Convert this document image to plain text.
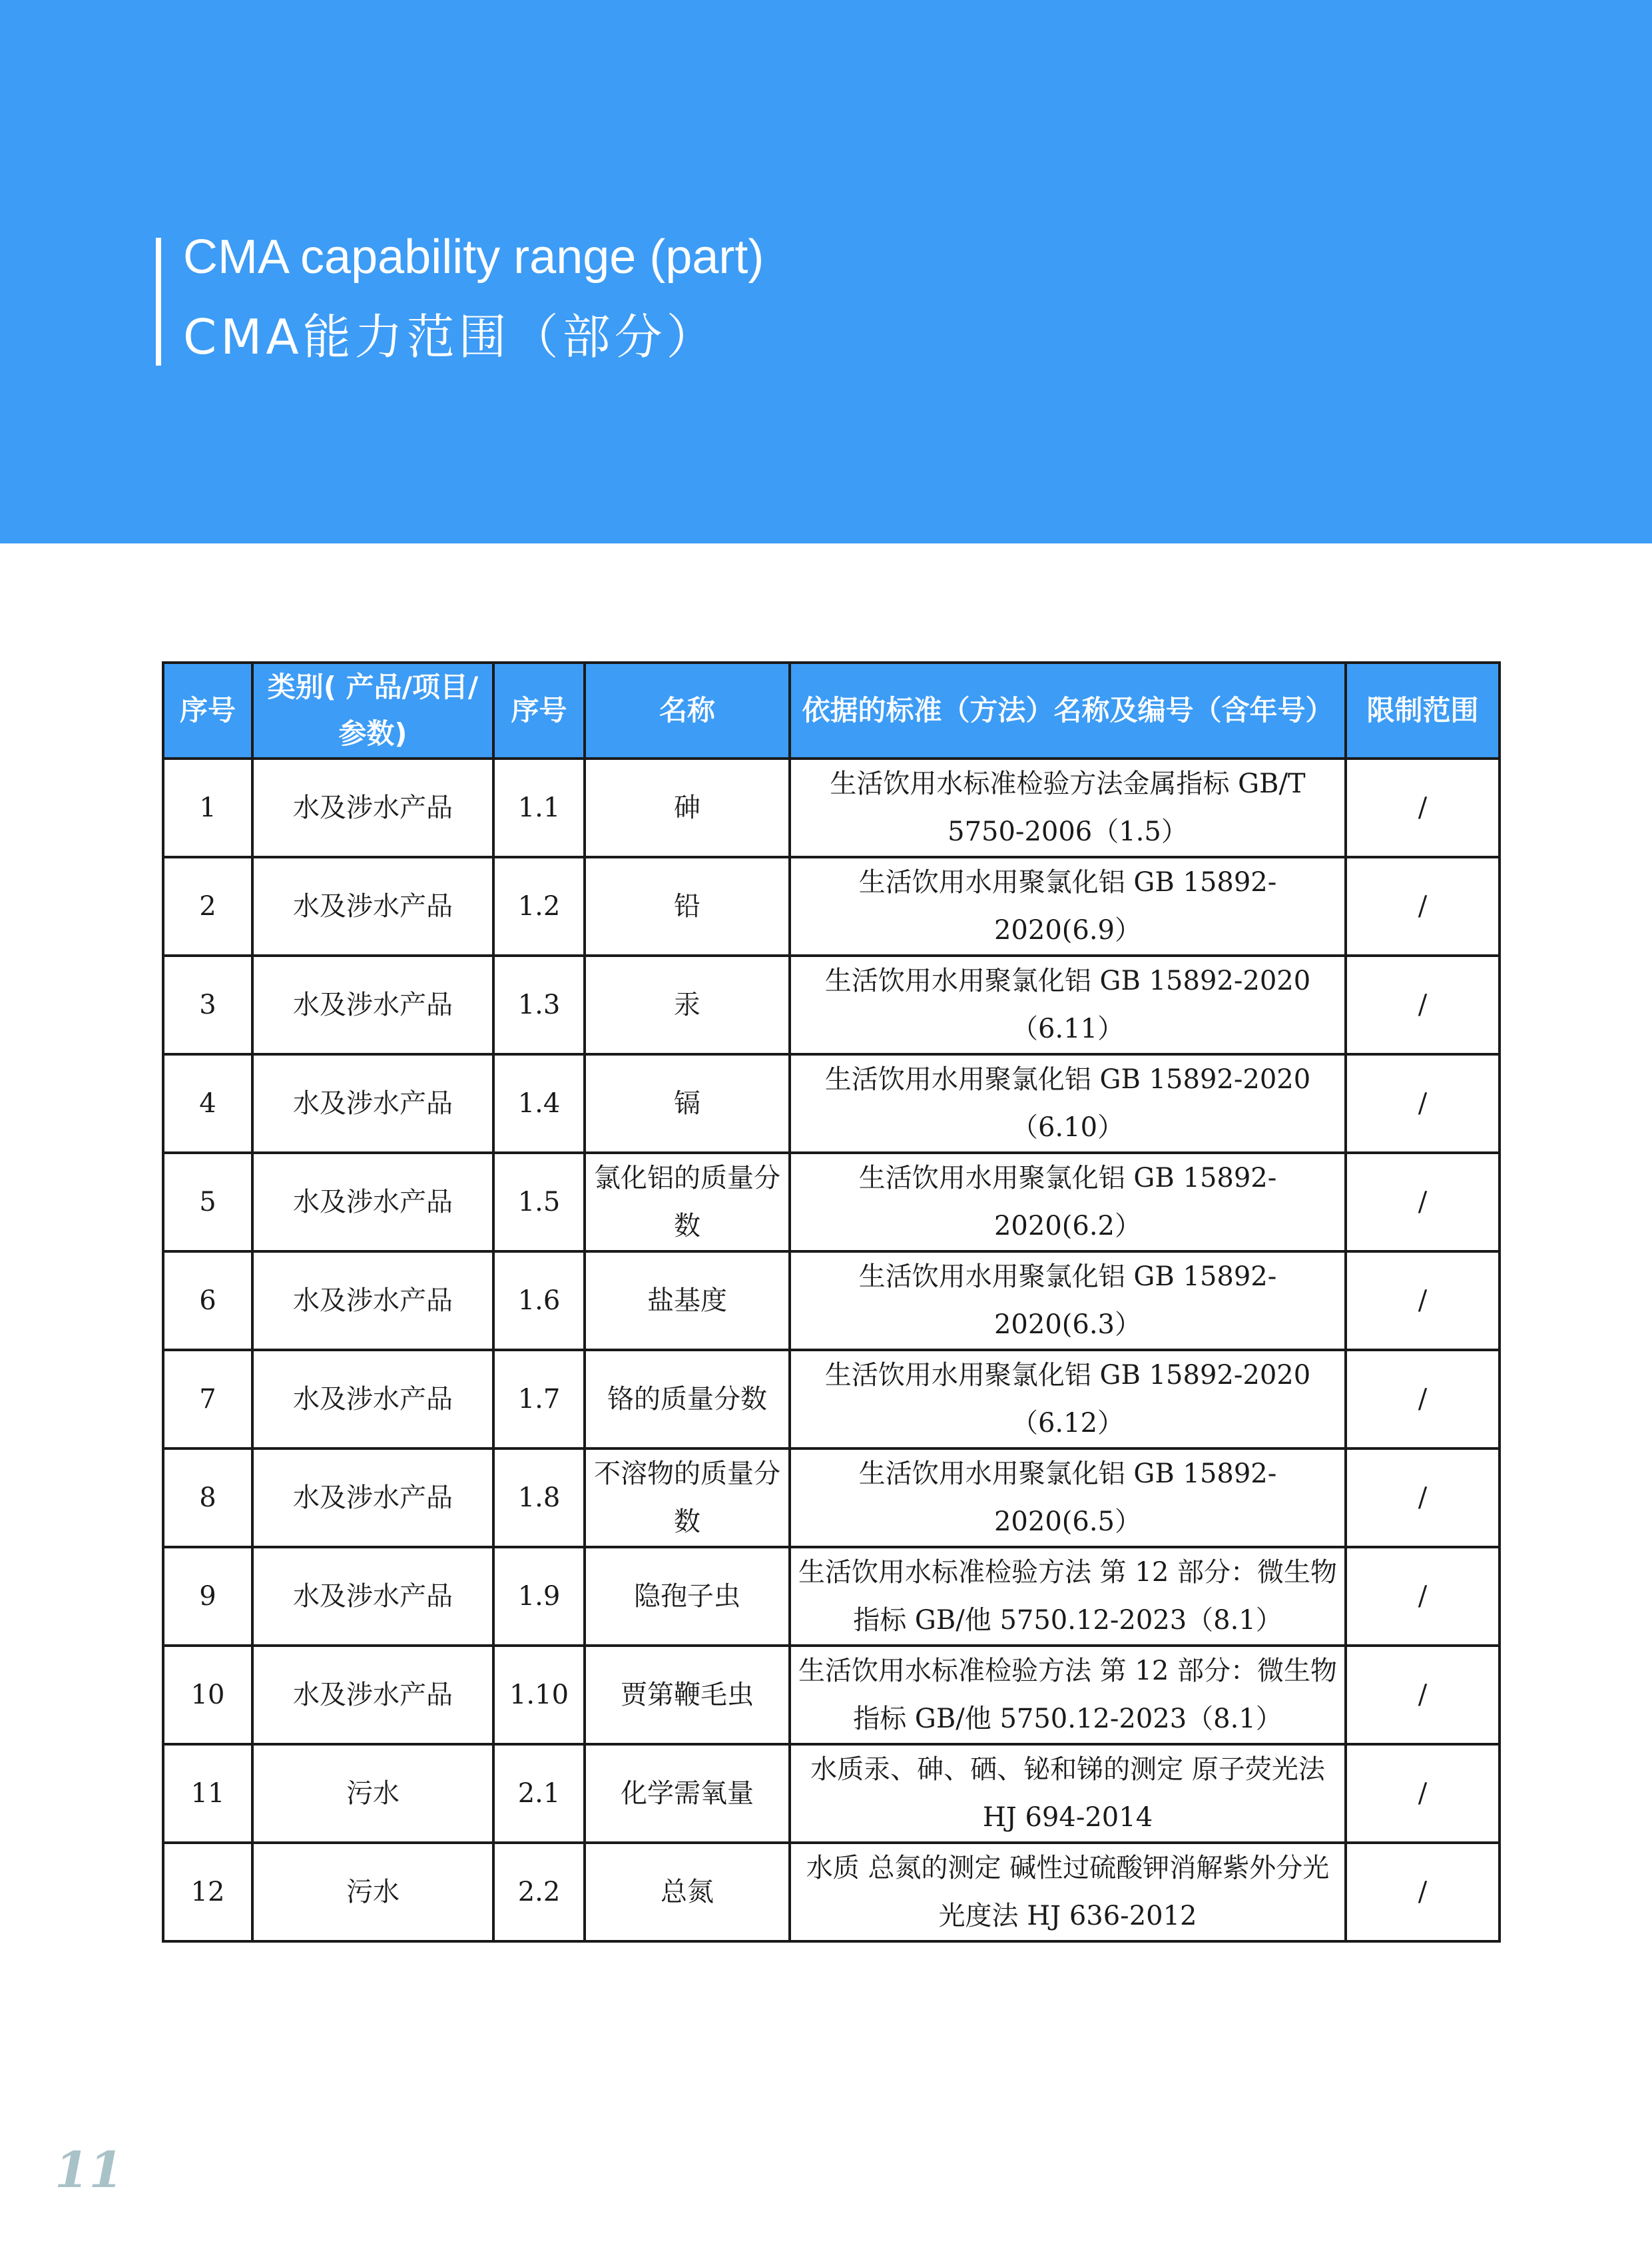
CMA capability range (part)
CMA能力范围（部分）
序号	类别( 产品/项目/参数)	序号	名称	依据的标准（方法）名称及编号（含年号）	限制范围
1	水及涉水产品	1.1	砷	生活饮用水标准检验方法金属指标 GB/T 5750-2006（1.5）	/
2	水及涉水产品	1.2	铅	生活饮用水用聚氯化铝 GB 15892-2020(6.9）	/
3	水及涉水产品	1.3	汞	生活饮用水用聚氯化铝 GB 15892-2020（6.11）	/
4	水及涉水产品	1.4	镉	生活饮用水用聚氯化铝 GB 15892-2020（6.10）	/
5	水及涉水产品	1.5	氯化铝的质量分数	生活饮用水用聚氯化铝 GB 15892-2020(6.2）	/
6	水及涉水产品	1.6	盐基度	生活饮用水用聚氯化铝 GB 15892-2020(6.3）	/
7	水及涉水产品	1.7	铬的质量分数	生活饮用水用聚氯化铝 GB 15892-2020（6.12）	/
8	水及涉水产品	1.8	不溶物的质量分数	生活饮用水用聚氯化铝 GB 15892-2020(6.5）	/
9	水及涉水产品	1.9	隐孢子虫	生活饮用水标准检验方法 第 12 部分：微生物指标 GB/他 5750.12-2023（8.1）	/
10	水及涉水产品	1.10	贾第鞭毛虫	生活饮用水标准检验方法 第 12 部分：微生物指标 GB/他 5750.12-2023（8.1）	/
11	污水	2.1	化学需氧量	水质汞、砷、硒、铋和锑的测定 原子荧光法 HJ 694-2014	/
12	污水	2.2	总氮	水质 总氮的测定 碱性过硫酸钾消解紫外分光光度法 HJ 636-2012	/
11
